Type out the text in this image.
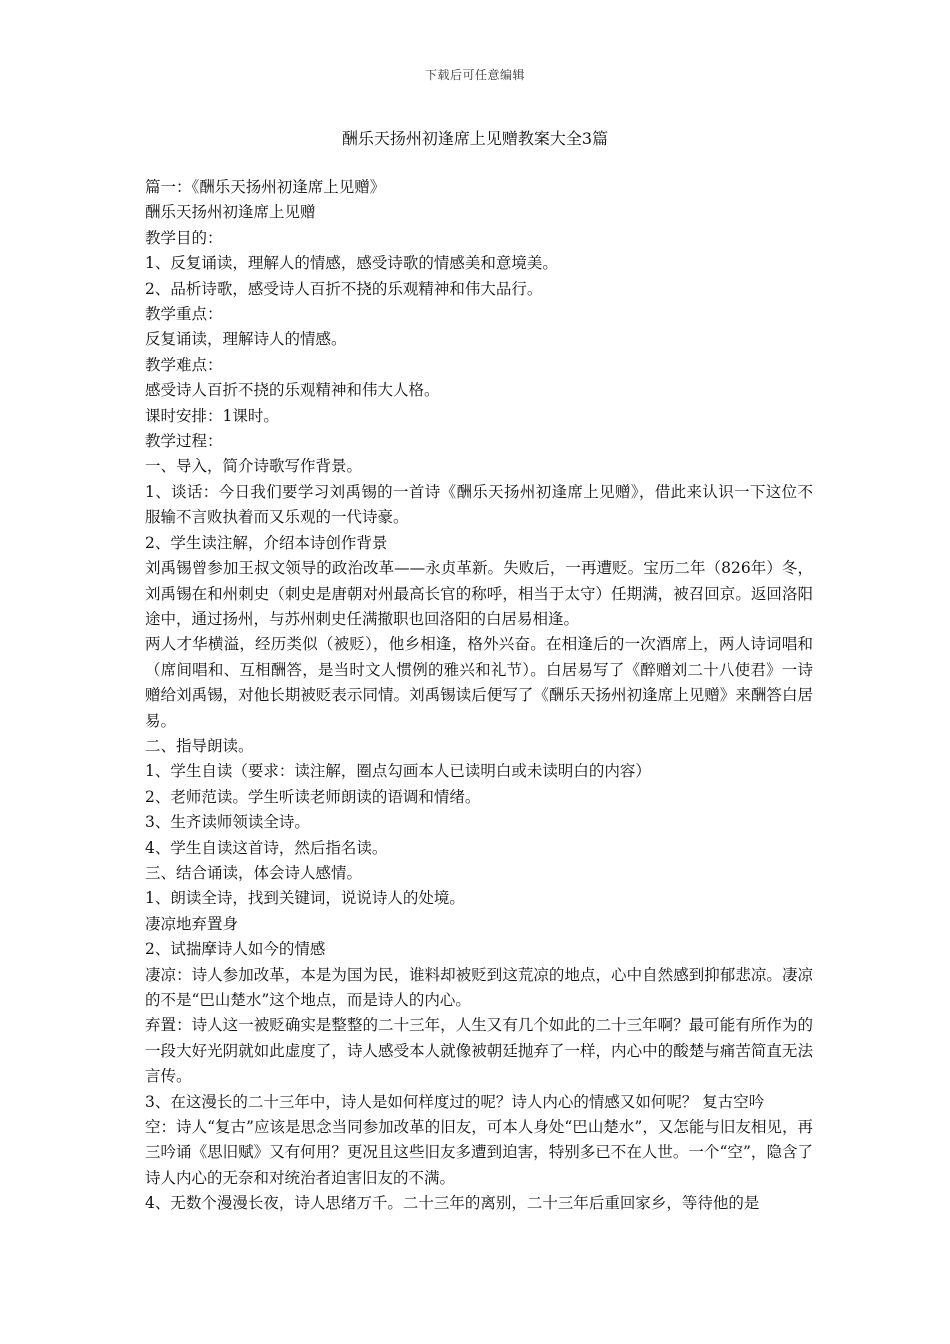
下载后可任意编辑
酬乐天扬州初逢席上见赠教案大全3篇

篇一：《酬乐天扬州初逢席上见赠》

酬乐天扬州初逢席上见赠

教学目的：

1、反复诵读，理解人的情感，感受诗歌的情感美和意境美。

2、品析诗歌，感受诗人百折不挠的乐观精神和伟大品行。

教学重点：

反复诵读，理解诗人的情感。

教学难点：

感受诗人百折不挠的乐观精神和伟大人格。

课时安排：1课时。

教学过程：

一、导入，简介诗歌写作背景。

1、谈话：今日我们要学习刘禹锡的一首诗《酬乐天扬州初逢席上见赠》，借此来认识一下这位不服输不言败执着而又乐观的一代诗豪。

2、学生读注解，介绍本诗创作背景

刘禹锡曾参加王叔文领导的政治改革——永贞革新。失败后，一再遭贬。宝历二年（826年）冬，刘禹锡在和州刺史（刺史是唐朝对州最高长官的称呼，相当于太守）任期满，被召回京。返回洛阳途中，通过扬州，与苏州刺史任满撤职也回洛阳的白居易相逢。

两人才华横溢，经历类似（被贬），他乡相逢，格外兴奋。在相逢后的一次酒席上，两人诗词唱和（席间唱和、互相酬答，是当时文人惯例的雅兴和礼节）。白居易写了《醉赠刘二十八使君》一诗赠给刘禹锡，对他长期被贬表示同情。刘禹锡读后便写了《酬乐天扬州初逢席上见赠》来酬答白居易。

二、指导朗读。

1、学生自读（要求：读注解，圈点勾画本人已读明白或未读明白的内容）

2、老师范读。学生听读老师朗读的语调和情绪。

3、生齐读师领读全诗。

4、学生自读这首诗，然后指名读。

三、结合诵读，体会诗人感情。

1、朗读全诗，找到关键词，说说诗人的处境。

凄凉地弃置身

2、试揣摩诗人如今的情感

凄凉：诗人参加改革，本是为国为民，谁料却被贬到这荒凉的地点，心中自然感到抑郁悲凉。凄凉的不是“巴山楚水”这个地点，而是诗人的内心。

弃置：诗人这一被贬确实是整整的二十三年，人生又有几个如此的二十三年啊？最可能有所作为的一段大好光阴就如此虚度了，诗人感受本人就像被朝廷抛弃了一样，内心中的酸楚与痛苦简直无法言传。

3、在这漫长的二十三年中，诗人是如何样度过的呢？诗人内心的情感又如何呢？ 复古空吟

空：诗人“复古”应该是思念当同参加改革的旧友，可本人身处“巴山楚水”，又怎能与旧友相见，再三吟诵《思旧赋》又有何用？更况且这些旧友多遭到迫害，特别多已不在人世。一个“空”，隐含了诗人内心的无奈和对统治者迫害旧友的不满。

4、无数个漫漫长夜，诗人思绪万千。二十三年的离别，二十三年后重回家乡，等待他的是
